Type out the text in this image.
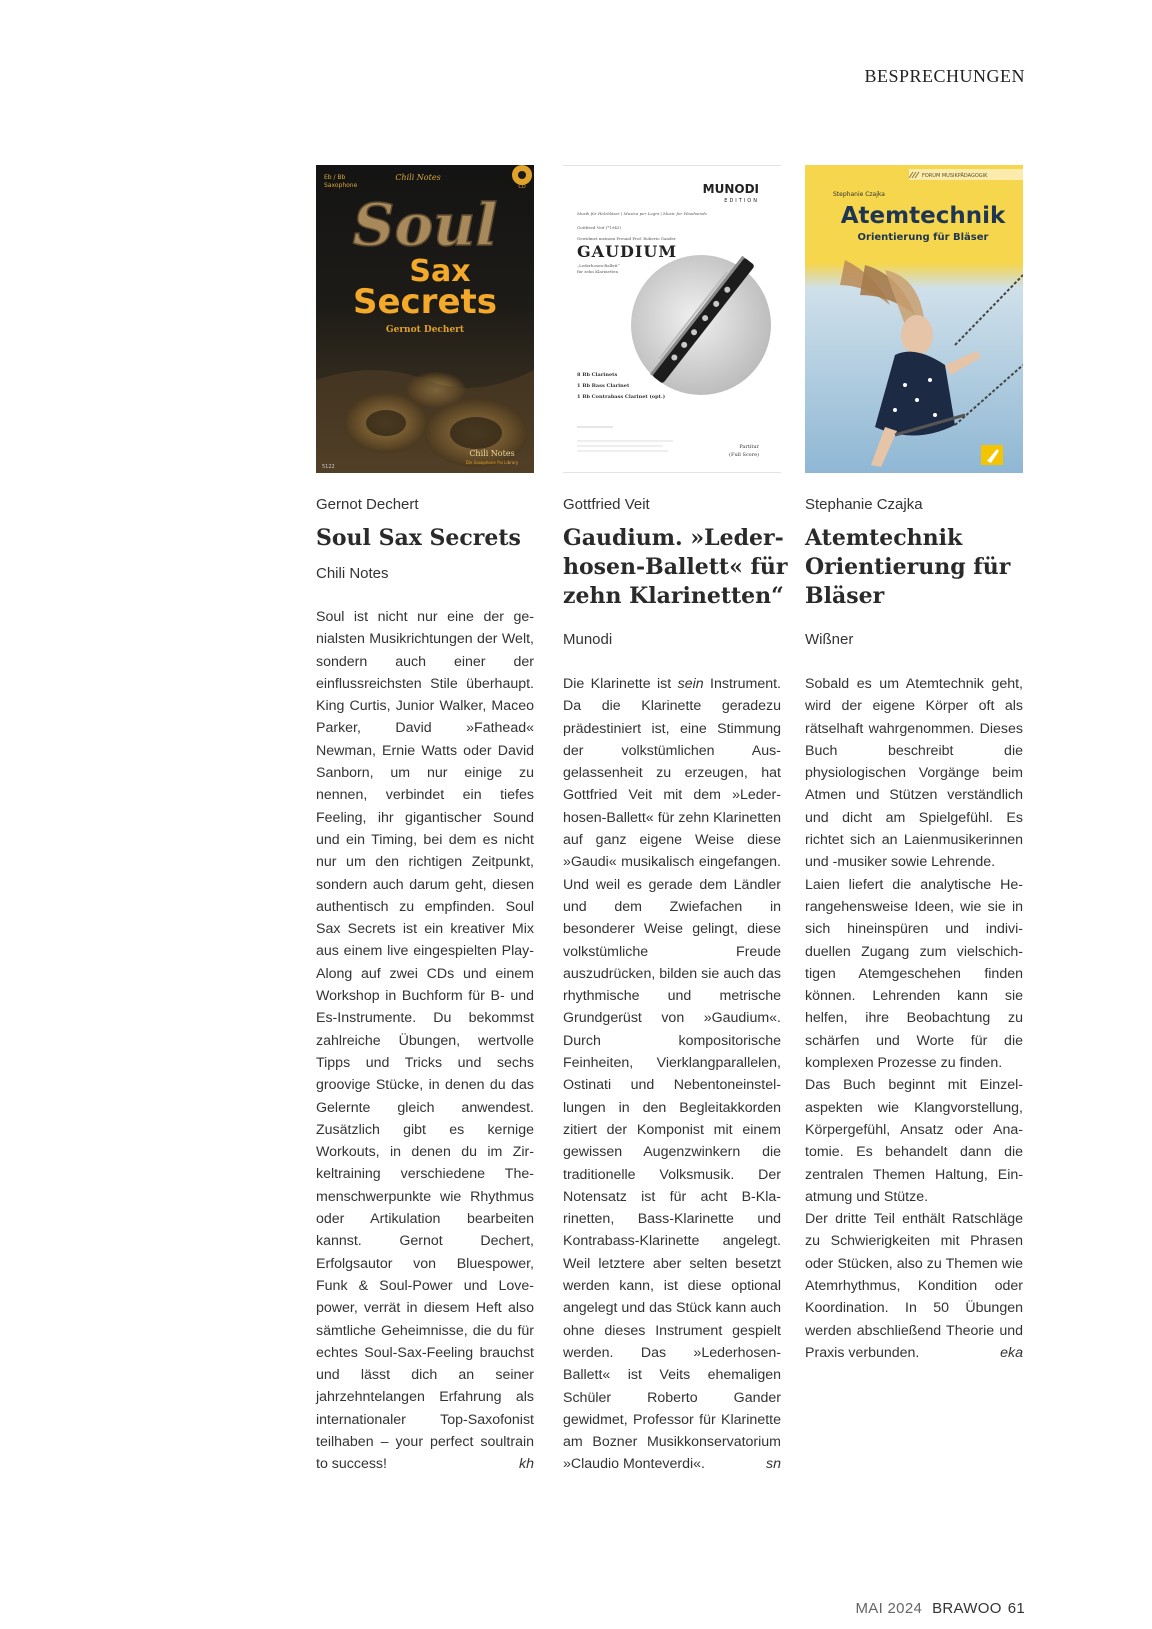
BESPRECHUNGEN
Eb / Bb
Saxophone
Chili Notes
CD
Soul
Sax
Secrets
Gernot Dechert
Chili Notes
Die Saxophone Pol Library
5122
Gernot Dechert
Soul Sax Secrets
Chili Notes

Soul ist nicht nur eine der genialsten Musikrichtungen der Welt, sondern auch einer der einflussreichsten Stile überhaupt. King Curtis, Junior Walker, Maceo Parker, David »Fathead« Newman, Ernie Watts oder David Sanborn, um nur einige zu nennen, verbindet ein tiefes Feeling, ihr gigantischer Sound und ein Timing, bei dem es nicht nur um den richtigen Zeitpunkt, sondern auch darum geht, diesen authentisch zu empfinden. Soul Sax Secrets ist ein kreativer Mix aus einem live eingespielten Play-Along auf zwei CDs und einem Workshop in Buchform für B- und Es-Instrumente. Du bekommst zahlreiche Übungen, wertvolle Tipps und Tricks und sechs groovige Stücke, in denen du das Gelernte gleich anwendest. Zusätzlich gibt es kernige Workouts, in denen du im Zirkeltraining verschiedene Themenschwerpunkte wie Rhythmus oder Artikulation bearbeiten kannst. Gernot Dechert, Erfolgsautor von Bluespower, Funk & Soul-Power und Lovepower, verrät in diesem Heft also sämtliche Geheimnisse, die du für echtes Soul-Sax-Feeling brauchst und lässt dich an seiner jahrzehntelangen Erfahrung als internationaler Top-Saxofonist teilhaben – your perfect soultrain to success!	kh

MUNODI
EDITION
Musik für Holzbläser | Musica per Legni | Music for Woodwinds
Gottfried Veit (*1943)
Gewidmet meinem Freund Prof. Roberto Gander
GAUDIUM
„Lederhosen-Ballett“
für zehn Klarinetten
8 Bb Clarinets
1 Bb Bass Clarinet
1 Bb Contrabass Clarinet (opt.)
Partitur
(Full Score)
Gottfried Veit
Gaudium. »Lederhosen-Ballett« für zehn Klarinetten“
Munodi

Die Klarinette ist sein Instrument. Da die Klarinette geradezu prädestiniert ist, eine Stimmung der volkstümlichen Ausgelassenheit zu erzeugen, hat Gottfried Veit mit dem »Lederhosen-Ballett« für zehn Klarinetten auf ganz eigene Weise diese »Gaudi« musikalisch eingefangen. Und weil es gerade dem Ländler und dem Zwiefachen in besonderer Weise gelingt, diese volkstümliche Freude auszudrücken, bilden sie auch das rhythmische und metrische Grundgerüst von »Gaudium«. Durch kompositorische Feinheiten, Vierklangparallelen, Ostinati und Nebentoneinstellungen in den Begleitakkorden zitiert der Komponist mit einem gewissen Augenzwinkern die traditionelle Volksmusik. Der Notensatz ist für acht B-Klarinetten, Bass-Klarinette und Kontrabass-Klarinette angelegt. Weil letztere aber selten besetzt werden kann, ist diese optional angelegt und das Stück kann auch ohne dieses Instrument gespielt werden. Das »Lederhosen-Ballett« ist Veits ehemaligen Schüler Roberto Gander gewidmet, Professor für Klarinette am Bozner Musikkonservatorium »Claudio Monteverdi«.	sn

FORUM MUSIKPÄDAGOGIK
Stephanie Czajka
Atemtechnik
Orientierung für Bläser
Stephanie Czajka
Atemtechnik Orientierung für Bläser
Wißner

Sobald es um Atemtechnik geht, wird der eigene Körper oft als rätselhaft wahrgenommen. Dieses Buch beschreibt die physiologischen Vorgänge beim Atmen und Stützen verständlich und dicht am Spielgefühl. Es richtet sich an Laienmusikerinnen und -musiker sowie Lehrende.

Laien liefert die analytische Herangehensweise Ideen, wie sie in sich hineinspüren und individuellen Zugang zum vielschichtigen Atemgeschehen finden können. Lehrenden kann sie helfen, ihre Beobachtung zu schärfen und Worte für die komplexen Prozesse zu finden.

Das Buch beginnt mit Einzelaspekten wie Klangvorstellung, Körpergefühl, Ansatz oder Anatomie. Es behandelt dann die zentralen Themen Haltung, Einatmung und Stütze.

Der dritte Teil enthält Ratschläge zu Schwierigkeiten mit Phrasen oder Stücken, also zu Themen wie Atemrhythmus, Kondition oder Koordination. In 50 Übungen werden abschließend Theorie und Praxis verbunden.	eka

MAI 2024 BRAWOO 61
